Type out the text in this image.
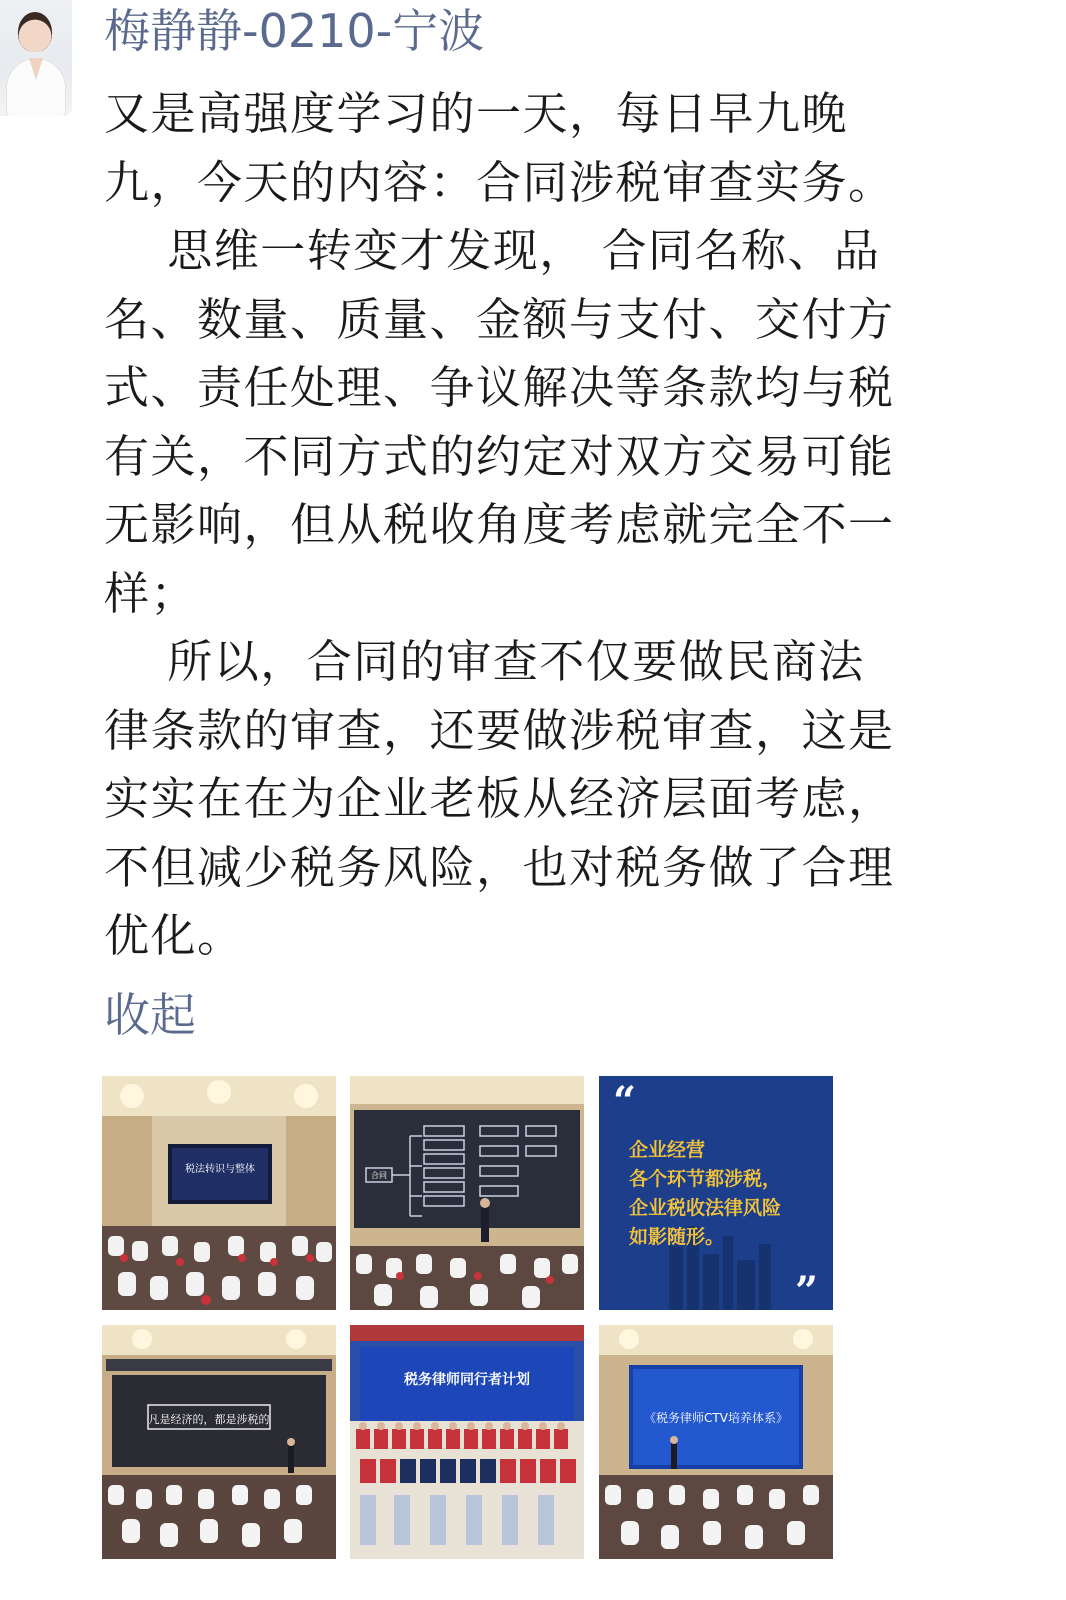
梅静静-0210-宁波

又是高强度学习的一天，每日早九晚

九，今天的内容：合同涉税审查实务。

思维一转变才发现， 合同名称、品

名、数量、质量、金额与支付、交付方

式、责任处理、争议解决等条款均与税

有关，不同方式的约定对双方交易可能

无影响，但从税收角度考虑就完全不一

样；

所以，合同的审查不仅要做民商法

律条款的审查，还要做涉税审查，这是

实实在在为企业老板从经济层面考虑，

不但减少税务风险，也对税务做了合理

优化。

收起
税法转识与整体
合同
“
企业经营
各个环节都涉税，
企业税收法律风险
如影随形。
”
凡是经济的，都是涉税的
税务律师同行者计划
《税务律师CTV培养体系》
